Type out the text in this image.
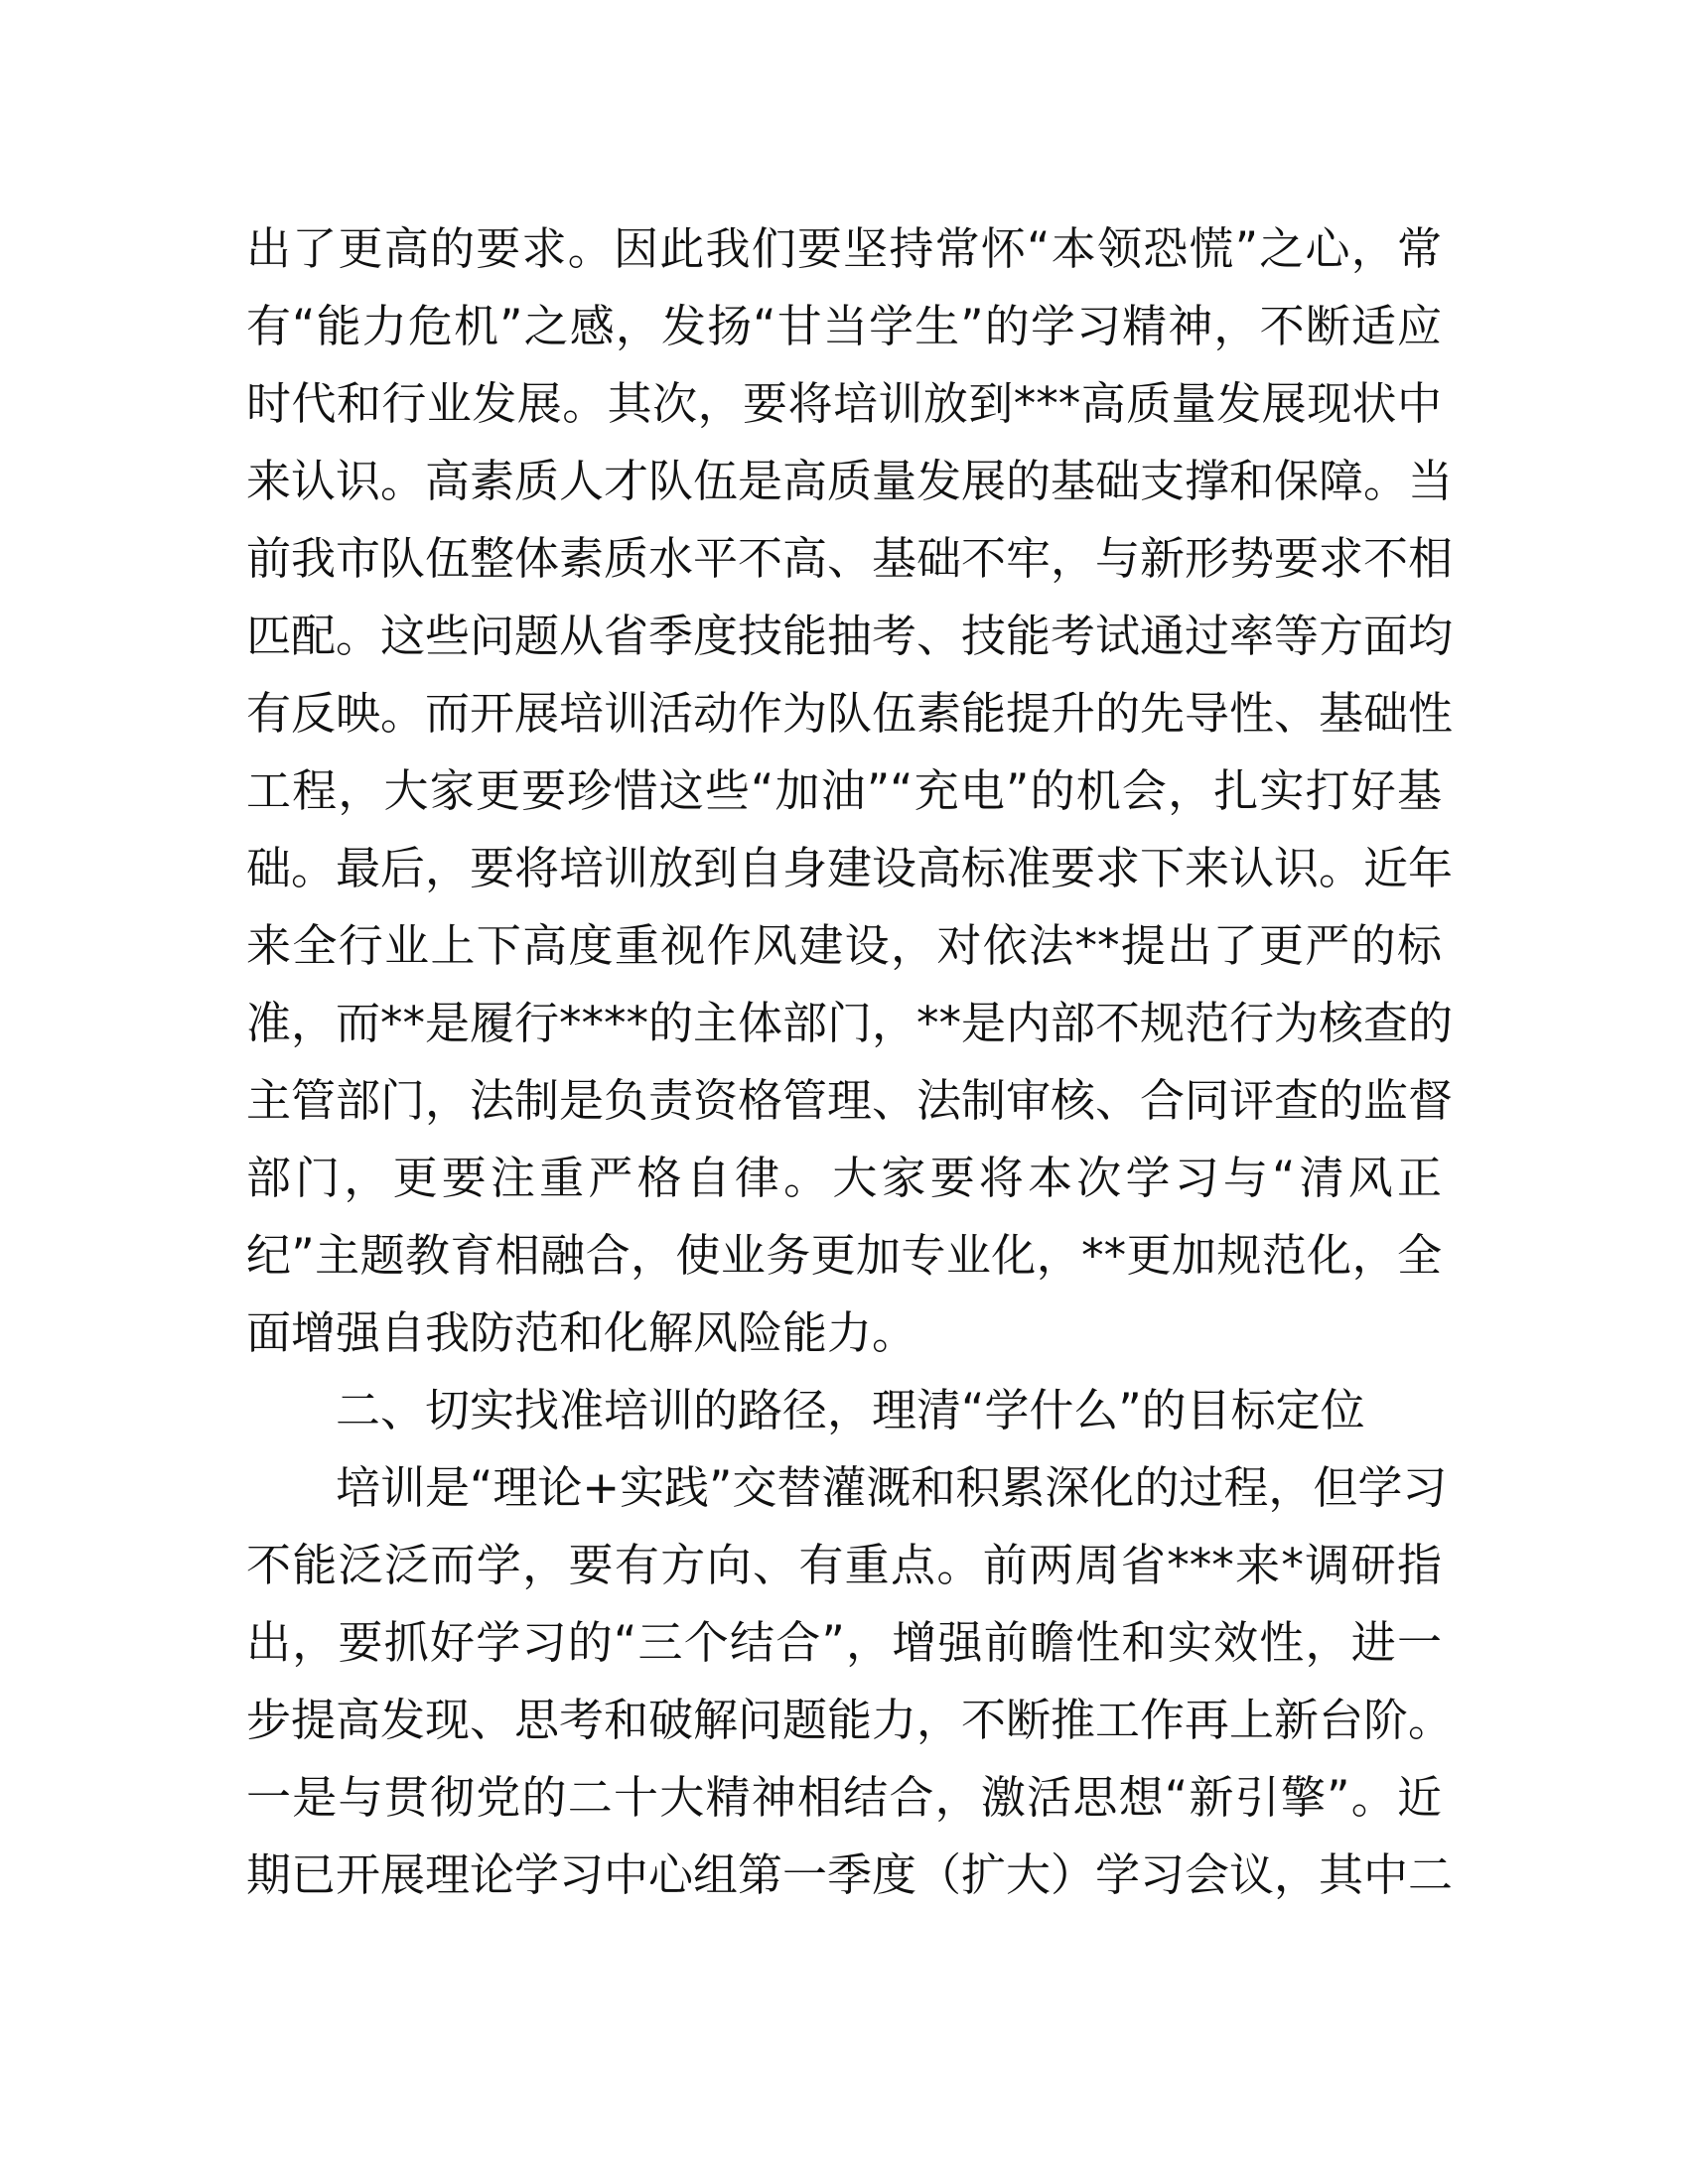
出了更高的要求。因此我们要坚持常怀“本领恐慌”之心，常
有“能力危机”之感，发扬“甘当学生”的学习精神，不断适应
时代和行业发展。其次，要将培训放到***高质量发展现状中
来认识。高素质人才队伍是高质量发展的基础支撑和保障。当
前我市队伍整体素质水平不高、基础不牢，与新形势要求不相
匹配。这些问题从省季度技能抽考、技能考试通过率等方面均
有反映。而开展培训活动作为队伍素能提升的先导性、基础性
工程，大家更要珍惜这些“加油”“充电”的机会，扎实打好基
础。最后，要将培训放到自身建设高标准要求下来认识。近年
来全行业上下高度重视作风建设，对依法**提出了更严的标
准，而**是履行****的主体部门，**是内部不规范行为核查的
主管部门，法制是负责资格管理、法制审核、合同评查的监督
部门，更要注重严格自律。大家要将本次学习与“清风正
纪”主题教育相融合，使业务更加专业化，**更加规范化，全
面增强自我防范和化解风险能力。
二、切实找准培训的路径，理清“学什么”的目标定位
培训是“理论+实践”交替灌溉和积累深化的过程，但学习
不能泛泛而学，要有方向、有重点。前两周省***来*调研指
出，要抓好学习的“三个结合”，增强前瞻性和实效性，进一
步提高发现、思考和破解问题能力，不断推工作再上新台阶。
一是与贯彻党的二十大精神相结合，激活思想“新引擎”。近
期已开展理论学习中心组第一季度（扩大）学习会议，其中二
